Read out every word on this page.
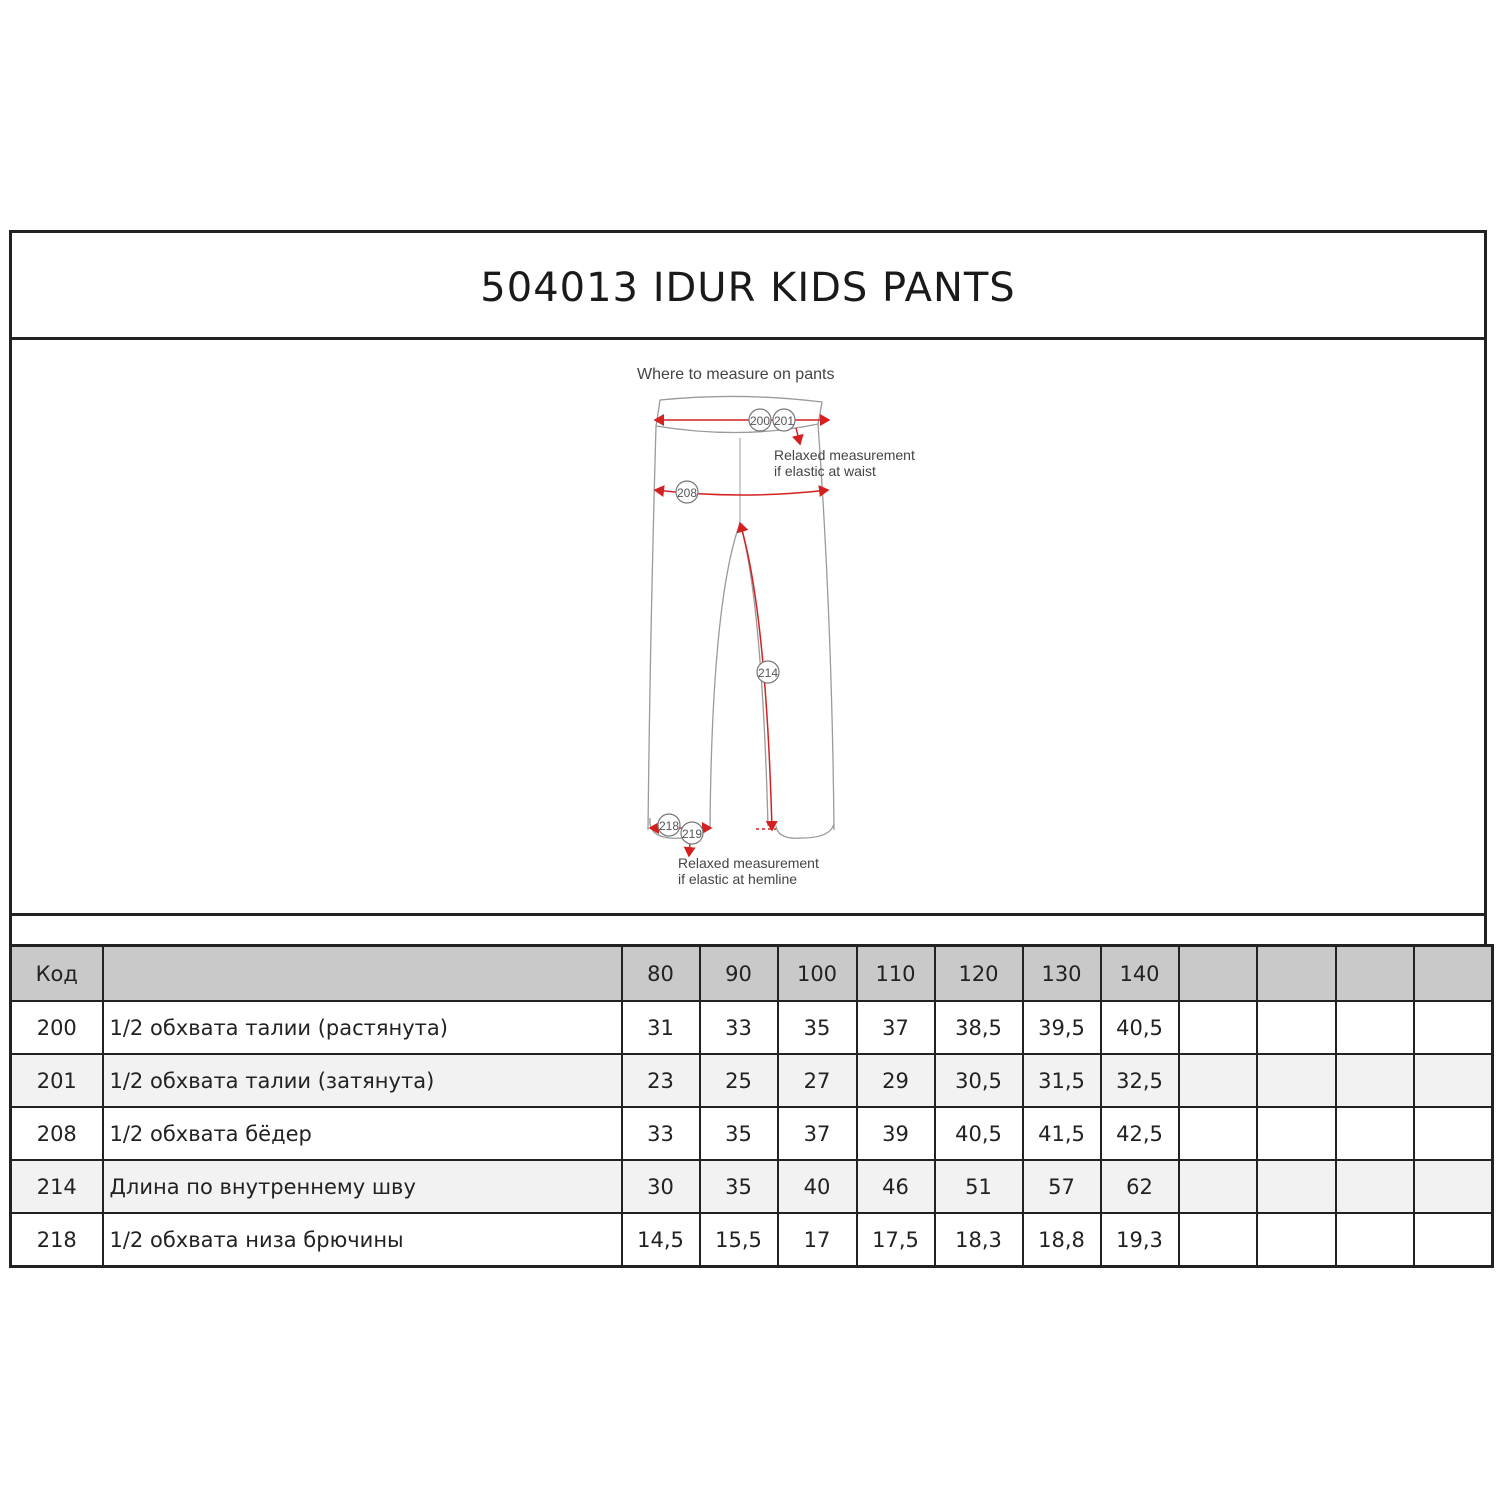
504013 IDUR KIDS PANTS
Where to measure on pants
200 201
208
214
218
219
Relaxed measurement
if elastic at waist
Relaxed measurement
if elastic at hemline
Код		80	90	100	110	120	130	140				
200	1/2 обхвата талии (растянута)	31	33	35	37	38,5	39,5	40,5				
201	1/2 обхвата талии (затянута)	23	25	27	29	30,5	31,5	32,5				
208	1/2 обхвата бёдер	33	35	37	39	40,5	41,5	42,5				
214	Длина по внутреннему шву	30	35	40	46	51	57	62				
218	1/2 обхвата низа брючины	14,5	15,5	17	17,5	18,3	18,8	19,3				
